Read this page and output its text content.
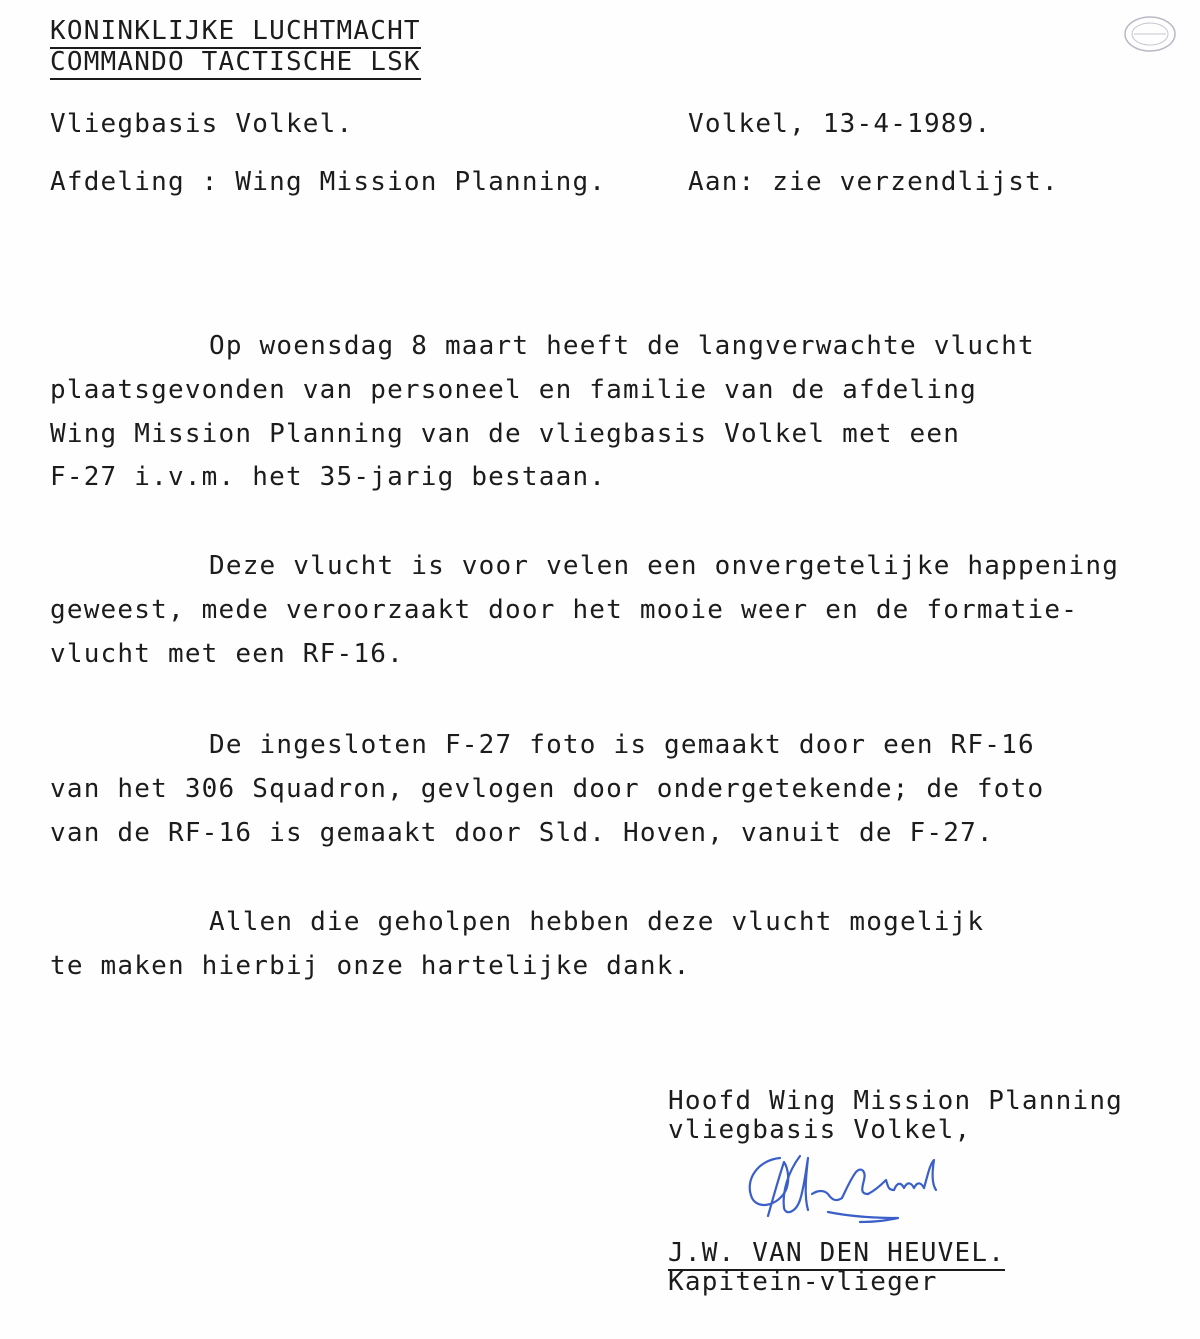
KONINKLIJKE LUCHTMACHT
COMMANDO TACTISCHE LSK
Vliegbasis Volkel.	Volkel, 13-4-1989.
Afdeling : Wing Mission Planning.	Aan: zie verzendlijst.
Op woensdag 8 maart heeft de langverwachte vlucht
plaatsgevonden van personeel en familie van de afdeling
Wing Mission Planning van de vliegbasis Volkel met een
F-27 i.v.m. het 35-jarig bestaan.
Deze vlucht is voor velen een onvergetelijke happening
geweest, mede veroorzaakt door het mooie weer en de formatie-
vlucht met een RF-16.
De ingesloten F-27 foto is gemaakt door een RF-16
van het 306 Squadron, gevlogen door ondergetekende; de foto
van de RF-16 is gemaakt door Sld. Hoven, vanuit de F-27.
Allen die geholpen hebben deze vlucht mogelijk
te maken hierbij onze hartelijke dank.
Hoofd Wing Mission Planning
vliegbasis Volkel,
J.W. VAN DEN HEUVEL.
Kapitein-vlieger
